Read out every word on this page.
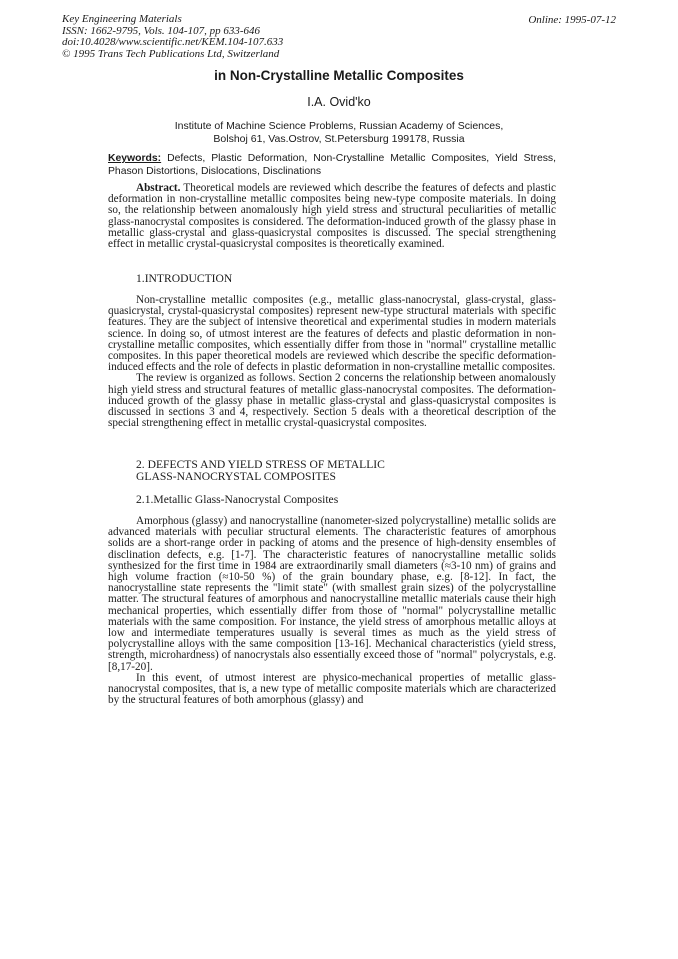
Key Engineering Materials
ISSN: 1662-9795, Vols. 104-107, pp 633-646
doi:10.4028/www.scientific.net/KEM.104-107.633
© 1995 Trans Tech Publications Ltd, Switzerland
Online: 1995-07-12
in Non-Crystalline Metallic Composites
I.A. Ovid'ko
Institute of Machine Science Problems, Russian Academy of Sciences,
Bolshoj 61, Vas.Ostrov, St.Petersburg 199178, Russia
Keywords: Defects, Plastic Deformation, Non-Crystalline Metallic Composites, Yield Stress, Phason Distortions, Dislocations, Disclinations

Abstract. Theoretical models are reviewed which describe the features of defects and plastic deformation in non-crystalline metallic composites being new-type composite materials. In doing so, the relationship between anomalously high yield stress and structural peculiarities of metallic glass-nanocrystal composites is considered. The deformation-induced growth of the glassy phase in metallic glass-crystal and glass-quasicrystal composites is discussed. The special strengthening effect in metallic crystal-quasicrystal composites is theoretically examined.

1.INTRODUCTION

Non-crystalline metallic composites (e.g., metallic glass-nanocrystal, glass-crystal, glass-quasicrystal, crystal-quasicrystal composites) represent new-type structural materials with specific features. They are the subject of intensive theoretical and experimental studies in modern materials science. In doing so, of utmost interest are the features of defects and plastic deformation in non-crystalline metallic composites, which essentially differ from those in "normal" crystalline metallic composites. In this paper theoretical models are reviewed which describe the specific deformation-induced effects and the role of defects in plastic deformation in non-crystalline metallic composites.

The review is organized as follows. Section 2 concerns the relationship between anomalously high yield stress and structural features of metallic glass-nanocrystal composites. The deformation-induced growth of the glassy phase in metallic glass-crystal and glass-quasicrystal composites is discussed in sections 3 and 4, respectively. Section 5 deals with a theoretical description of the special strengthening effect in metallic crystal-quasicrystal composites.

2. DEFECTS AND YIELD STRESS OF METALLIC
GLASS-NANOCRYSTAL COMPOSITES
2.1.Metallic Glass-Nanocrystal Composites

Amorphous (glassy) and nanocrystalline (nanometer-sized polycrystalline) metallic solids are advanced materials with peculiar structural elements. The characteristic features of amorphous solids are a short-range order in packing of atoms and the presence of high-density ensembles of disclination defects, e.g. [1-7]. The characteristic features of nanocrystalline metallic solids synthesized for the first time in 1984 are extraordinarily small diameters (≈3-10 nm) of grains and high volume fraction (≈10-50 %) of the grain boundary phase, e.g. [8-12]. In fact, the nanocrystalline state represents the "limit state" (with smallest grain sizes) of the polycrystalline matter. The structural features of amorphous and nanocrystalline metallic materials cause their high mechanical properties, which essentially differ from those of "normal" polycrystalline metallic materials with the same composition. For instance, the yield stress of amorphous metallic alloys at low and intermediate temperatures usually is several times as much as the yield stress of polycrystalline alloys with the same composition [13-16]. Mechanical characteristics (yield stress, strength, microhardness) of nanocrystals also essentially exceed those of "normal" polycrystals, e.g. [8,17-20].

In this event, of utmost interest are physico-mechanical properties of metallic glass-nanocrystal composites, that is, a new type of metallic composite materials which are characterized by the structural features of both amorphous (glassy) and
